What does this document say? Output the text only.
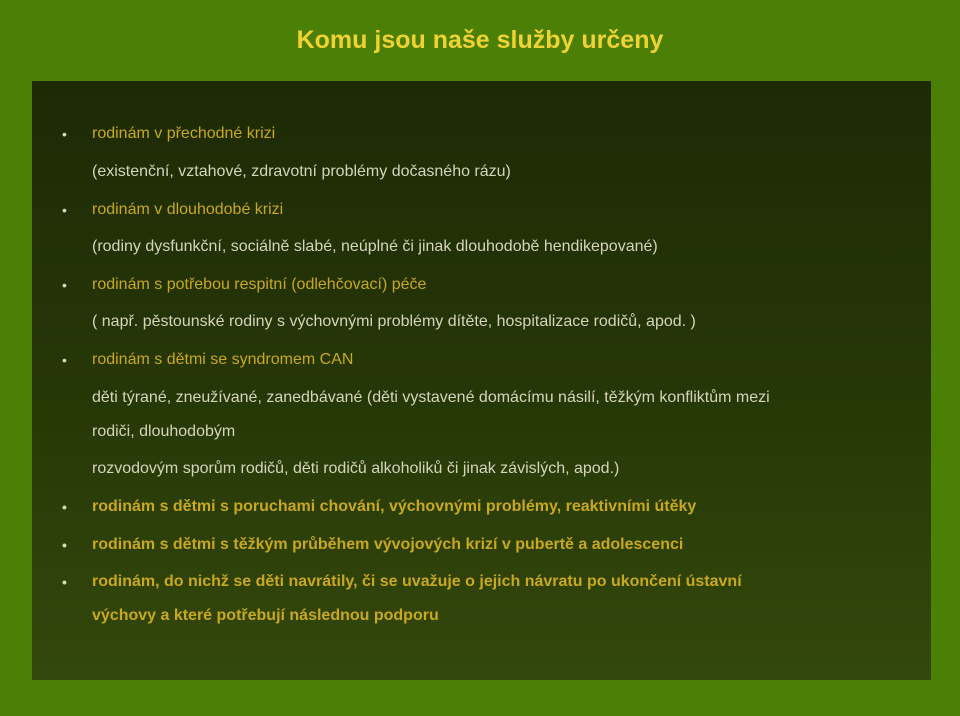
Komu jsou naše služby určeny

• rodinám v přechodné krizi

(existenční, vztahové, zdravotní problémy dočasného rázu)

• rodinám v dlouhodobé krizi

(rodiny dysfunkční, sociálně slabé, neúplné či jinak dlouhodobě hendikepované)

• rodinám s potřebou respitní (odlehčovací) péče

( např. pěstounské rodiny s výchovnými problémy dítěte, hospitalizace rodičů, apod. )

• rodinám s dětmi se syndromem CAN

děti týrané, zneužívané, zanedbávané (děti vystavené domácímu násilí, těžkým konfliktům mezi

rodiči, dlouhodobým

rozvodovým sporům rodičů, děti rodičů alkoholiků či jinak závislých, apod.)

• rodinám s dětmi s poruchami chování, výchovnými problémy, reaktivními útěky

• rodinám s dětmi s těžkým průběhem vývojových krizí v pubertě a adolescenci

• rodinám, do nichž se děti navrátily, či se uvažuje o jejich návratu po ukončení ústavní

výchovy a které potřebují následnou podporu
